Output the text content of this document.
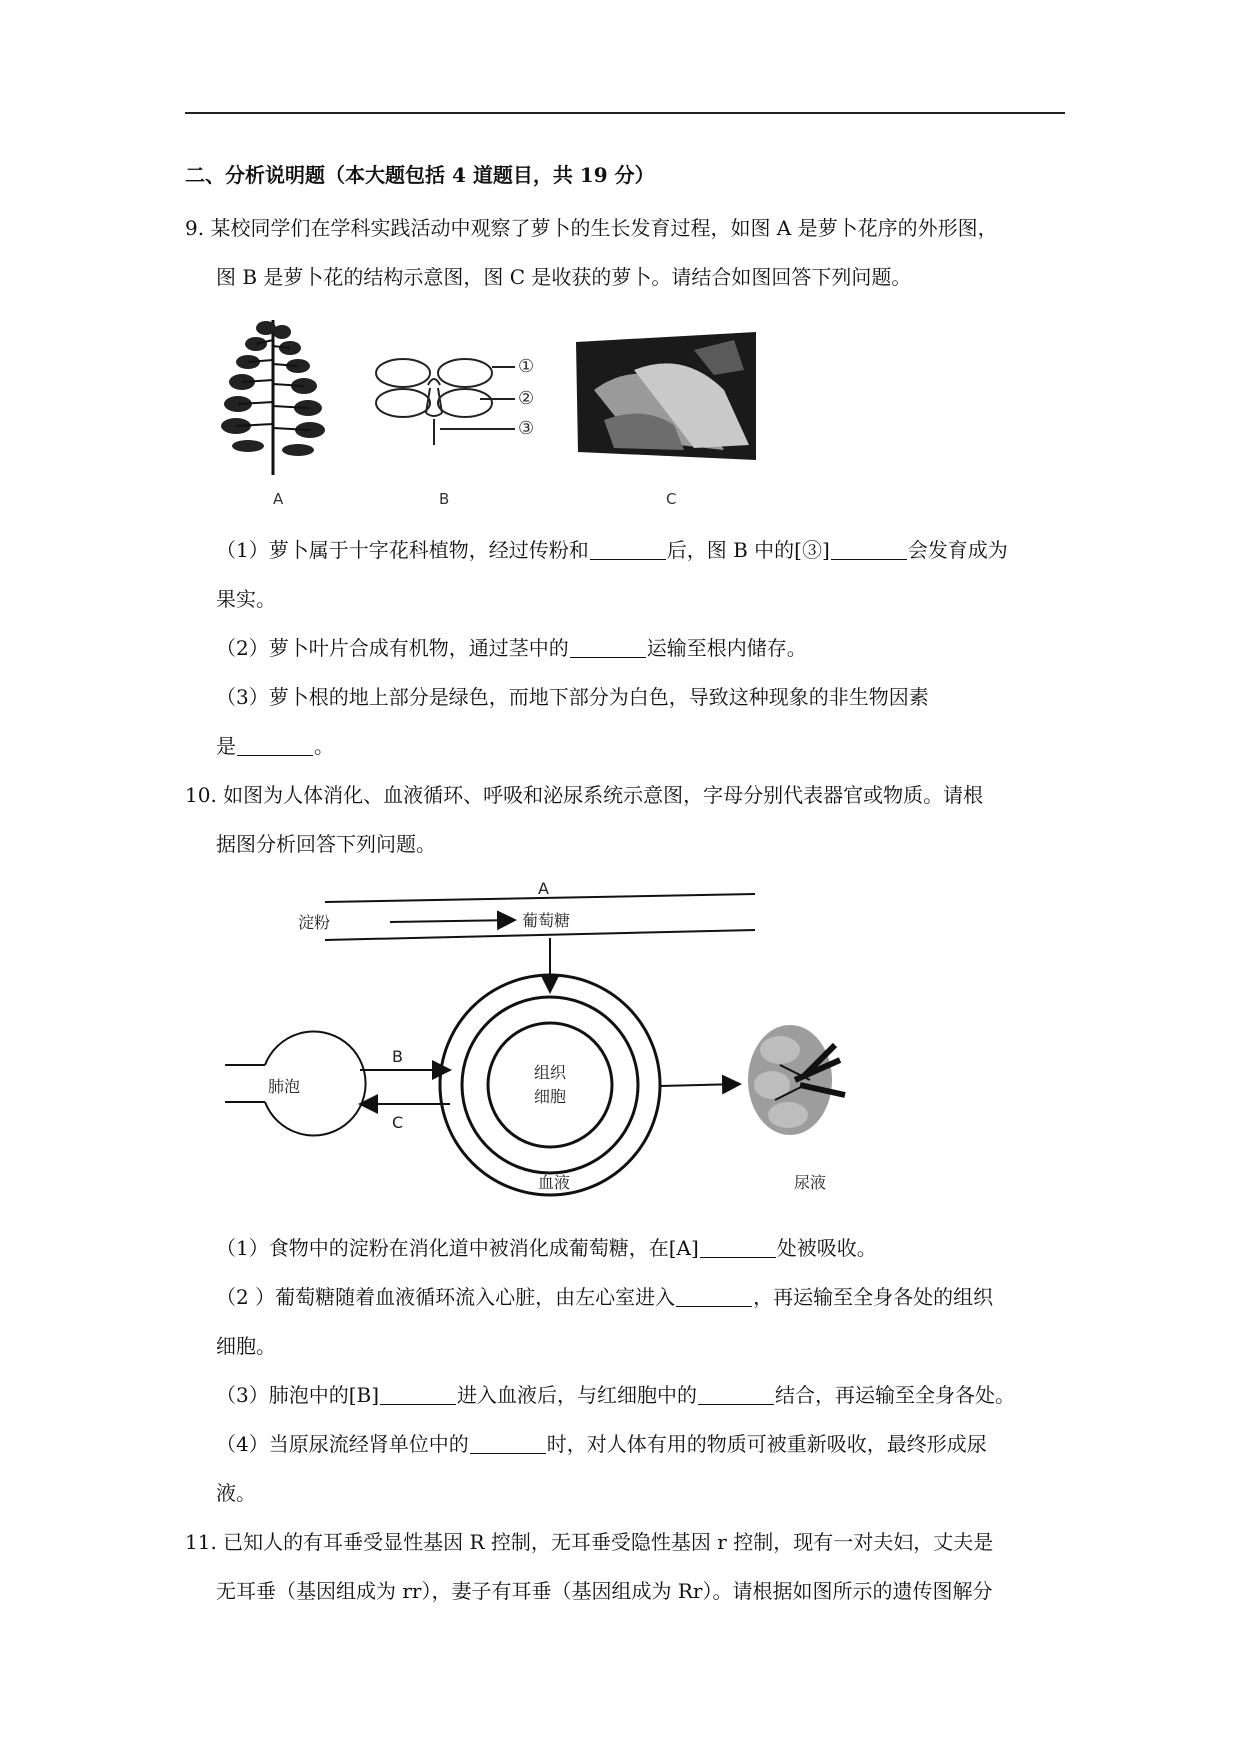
二、分析说明题（本大题包括 4 道题目，共 19 分）
9. 某校同学们在学科实践活动中观察了萝卜的生长发育过程，如图 A 是萝卜花序的外形图，
图 B 是萝卜花的结构示意图，图 C 是收获的萝卜。请结合如图回答下列问题。
A
①
②
③
B	C
（1）萝卜属于十字花科植物，经过传粉和	后，图 B 中的[③]	会发育成为
果实。
（2）萝卜叶片合成有机物，通过茎中的	运输至根内储存。
（3）萝卜根的地上部分是绿色，而地下部分为白色，导致这种现象的非生物因素
是	。
10. 如图为人体消化、血液循环、呼吸和泌尿系统示意图，字母分别代表器官或物质。请根
据图分析回答下列问题。
A
淀粉	葡萄糖
肺泡
B
C
组织
细胞
血液	尿液
（1）食物中的淀粉在消化道中被消化成葡萄糖，在[A]	处被吸收。
（2 ）葡萄糖随着血液循环流入心脏，由左心室进入	，再运输至全身各处的组织
细胞。
（3）肺泡中的[B]	进入血液后，与红细胞中的	结合，再运输至全身各处。
（4）当原尿流经肾单位中的	时，对人体有用的物质可被重新吸收，最终形成尿
液。
11. 已知人的有耳垂受显性基因 R 控制，无耳垂受隐性基因 r 控制，现有一对夫妇，丈夫是
无耳垂（基因组成为 rr），妻子有耳垂（基因组成为 Rr）。请根据如图所示的遗传图解分
